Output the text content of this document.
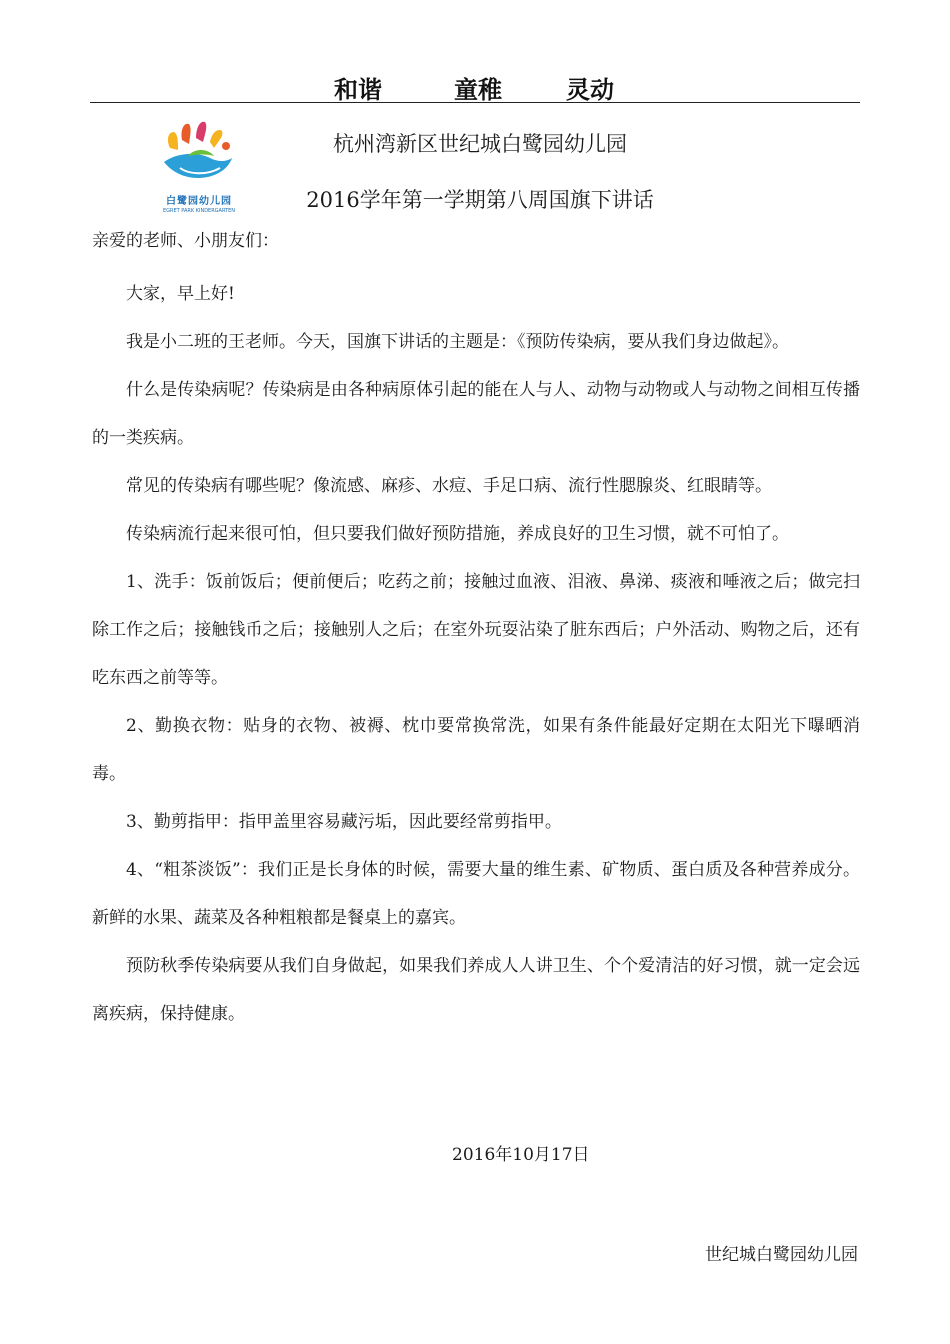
和谐	童稚	灵动
白鹭园幼儿园
EGRET PARK KINDERGARTEN
杭州湾新区世纪城白鹭园幼儿园
2016学年第一学期第八周国旗下讲话

亲爱的老师、小朋友们：

大家，早上好!

我是小二班的王老师。今天，国旗下讲话的主题是：《预防传染病，要从我们身边做起》。

什么是传染病呢？传染病是由各种病原体引起的能在人与人、动物与动物或人与动物之间相互传播的一类疾病。

常见的传染病有哪些呢？像流感、麻疹、水痘、手足口病、流行性腮腺炎、红眼睛等。

传染病流行起来很可怕，但只要我们做好预防措施，养成良好的卫生习惯，就不可怕了。

1、洗手：饭前饭后；便前便后；吃药之前；接触过血液、泪液、鼻涕、痰液和唾液之后；做完扫除工作之后；接触钱币之后；接触别人之后；在室外玩耍沾染了脏东西后；户外活动、购物之后，还有吃东西之前等等。

2、勤换衣物：贴身的衣物、被褥、枕巾要常换常洗，如果有条件能最好定期在太阳光下曝晒消毒。

3、勤剪指甲：指甲盖里容易藏污垢，因此要经常剪指甲。

4、“粗茶淡饭”：我们正是长身体的时候，需要大量的维生素、矿物质、蛋白质及各种营养成分。新鲜的水果、蔬菜及各种粗粮都是餐桌上的嘉宾。

预防秋季传染病要从我们自身做起，如果我们养成人人讲卫生、个个爱清洁的好习惯，就一定会远离疾病，保持健康。

2016年10月17日
世纪城白鹭园幼儿园
